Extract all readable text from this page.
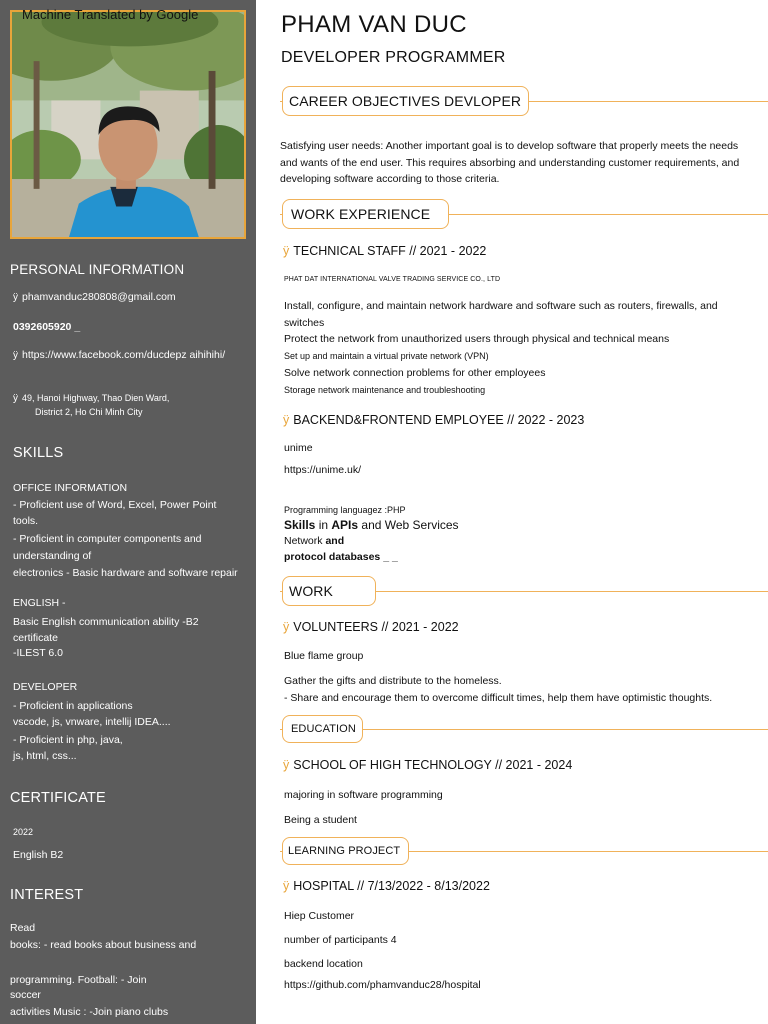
Machine Translated by Google
PERSONAL INFORMATION
ÿ phamvanduc280808@gmail.com
0392605920 _
ÿ https://www.facebook.com/ducdepz aihihihi/
ÿ 49, Hanoi Highway, Thao Dien Ward,
District 2, Ho Chi Minh City
SKILLS
OFFICE INFORMATION
- Proficient use of Word, Excel, Power Point
tools.
- Proficient in computer components and
understanding of
electronics - Basic hardware and software repair
ENGLISH -
Basic English communication ability -B2
certificate
-ILEST 6.0
DEVELOPER
- Proficient in applications
vscode, js, vnware, intellij IDEA....
- Proficient in php, java,
js, html, css...
CERTIFICATE
2022
English B2
INTEREST
Read
books: - read books about business and
programming. Football: - Join
soccer
activities Music : -Join piano clubs
PHAM VAN DUC
DEVELOPER PROGRAMMER
CAREER OBJECTIVES DEVLOPER

Satisfying user needs: Another important goal is to develop software that properly meets the needs and wants of the end user. This requires absorbing and understanding customer requirements, and developing software according to those criteria.

WORK EXPERIENCE
ÿ TECHNICAL STAFF // 2021 - 2022
PHAT DAT INTERNATIONAL VALVE TRADING SERVICE CO., LTD

Install, configure, and maintain network hardware and software such as routers, firewalls, and switches

Protect the network from unauthorized users through physical and technical means
Set up and maintain a virtual private network (VPN)
Solve network connection problems for other employees
Storage network maintenance and troubleshooting
ÿ BACKEND&FRONTEND EMPLOYEE // 2022 - 2023
unime
https://unime.uk/
Programming languagez :PHP
Skills in APIs and Web Services
Network and
protocol databases _ _
WORK
ÿ VOLUNTEERS // 2021 - 2022
Blue flame group
Gather the gifts and distribute to the homeless.
- Share and encourage them to overcome difficult times, help them have optimistic thoughts.
EDUCATION
ÿ SCHOOL OF HIGH TECHNOLOGY // 2021 - 2024
majoring in software programming
Being a student
LEARNING PROJECT
ÿ HOSPITAL // 7/13/2022 - 8/13/2022
Hiep Customer
number of participants 4
backend location
https://github.com/phamvanduc28/hospital
